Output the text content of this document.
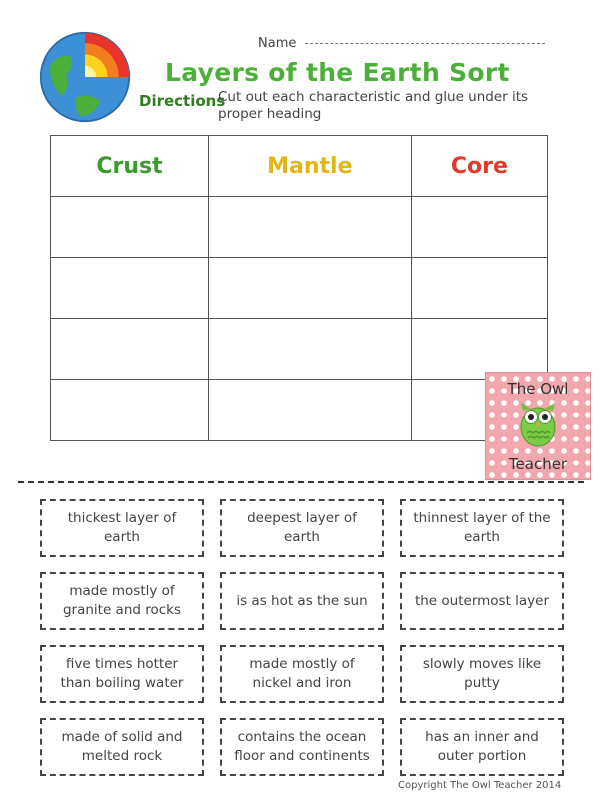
Name
Layers of the Earth Sort
Directions
Cut out each characteristic and glue under its proper heading
Crust	Mantle	Core

The Owl
Teacher
thickest layer of earth
deepest layer of earth
thinnest layer of the earth
made mostly of granite and rocks
is as hot as the sun	the outermost layer
five times hotter than boiling water
made mostly of nickel and iron
slowly moves like putty
made of solid and melted rock
contains the ocean floor and continents
has an inner and outer portion
Copyright The Owl Teacher 2014
